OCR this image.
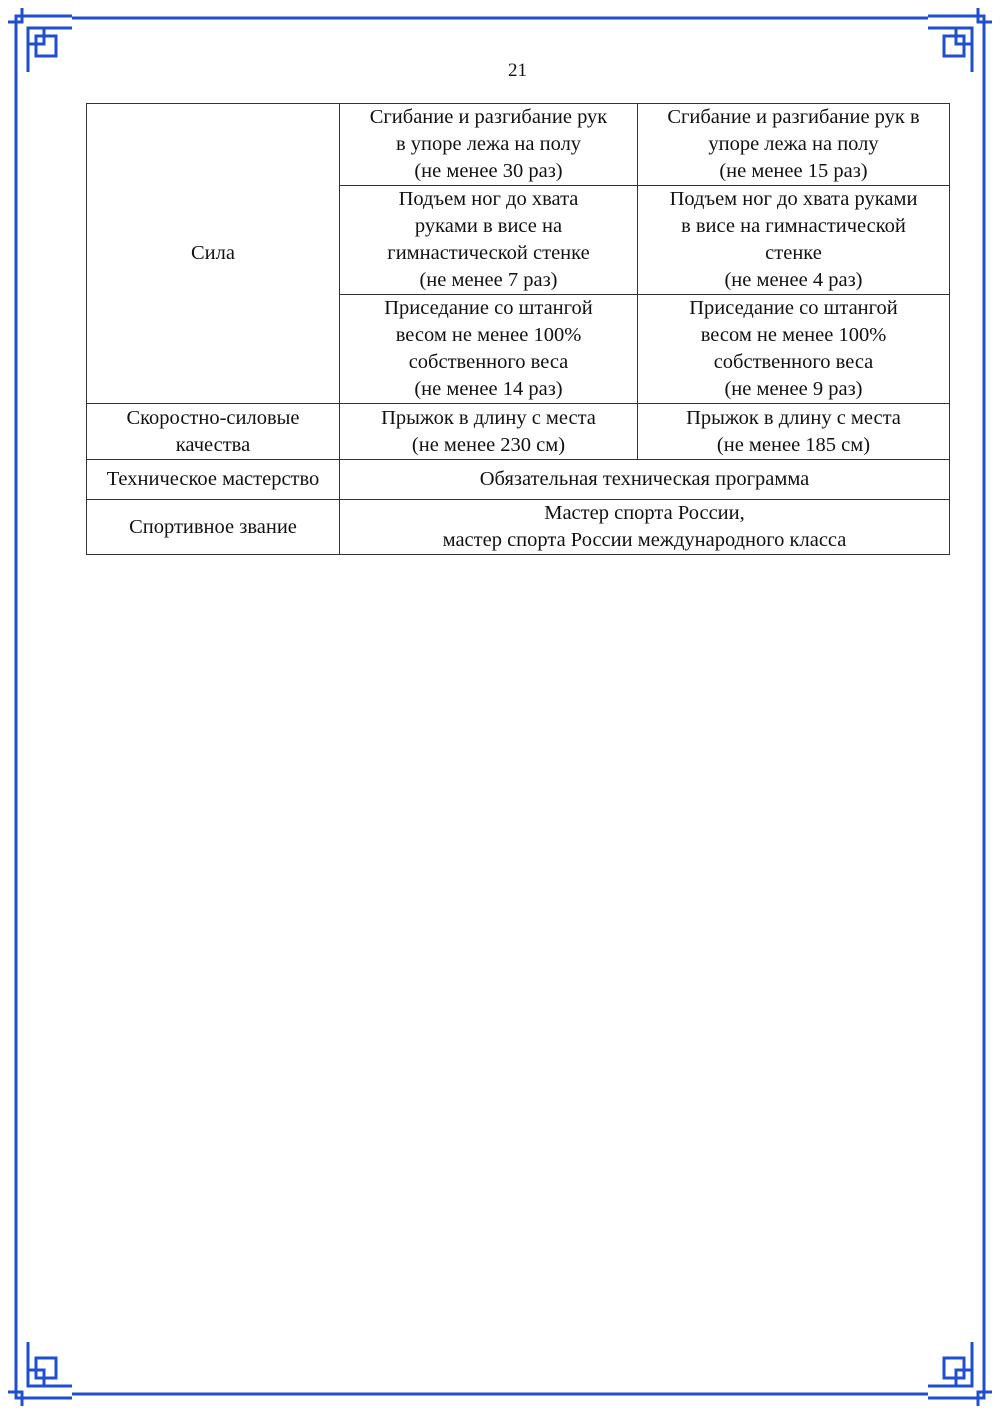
21
Сила	Сгибание и разгибание рук
в упоре лежа на полу
(не менее 30 раз)	Сгибание и разгибание рук в
упоре лежа на полу
(не менее 15 раз)

	Подъем ног до хвата
руками в висе на
гимнастической стенке
(не менее 7 раз)	Подъем ног до хвата руками
в висе на гимнастической
стенке
(не менее 4 раз)

	Приседание со штангой
весом не менее 100%
собственного веса
(не менее 14 раз)	Приседание со штангой
весом не менее 100%
собственного веса
(не менее 9 раз)

Скоростно-силовые
качества	Прыжок в длину с места
(не менее 230 см)	Прыжок в длину с места
(не менее 185 см)

Техническое мастерство	Обязательная техническая программа	
Спортивное звание	Мастер спорта России,
мастер спорта России международного класса	
